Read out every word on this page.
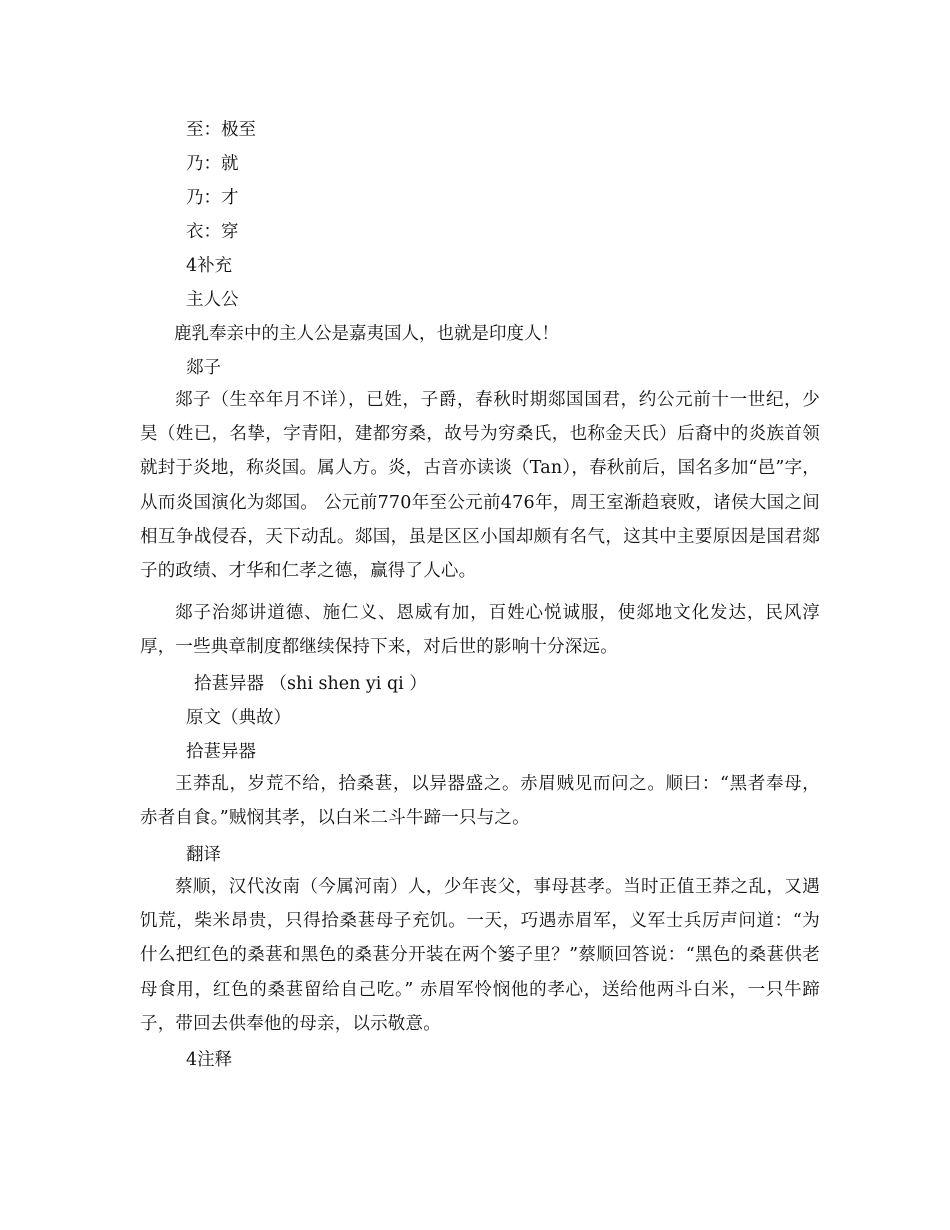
至：极至

乃：就

乃：才

衣：穿

4补充

主人公

鹿乳奉亲中的主人公是嘉夷国人，也就是印度人！

郯子

郯子（生卒年月不详），已姓，子爵，春秋时期郯国国君，约公元前十一世纪，少昊（姓已，名挚，字青阳，建都穷桑，故号为穷桑氏，也称金天氏）后裔中的炎族首领就封于炎地，称炎国。属人方。炎，古音亦读谈（Tan），春秋前后，国名多加“邑”字，从而炎国演化为郯国。 公元前770年至公元前476年，周王室渐趋衰败，诸侯大国之间相互争战侵吞，天下动乱。郯国，虽是区区小国却颇有名气，这其中主要原因是国君郯子的政绩、才华和仁孝之德，赢得了人心。

郯子治郯讲道德、施仁义、恩威有加，百姓心悦诚服，使郯地文化发达，民风淳厚，一些典章制度都继续保持下来，对后世的影响十分深远。

拾葚异器 （shi shen yi qi ）

原文（典故）

拾葚异器

王莽乱，岁荒不给，拾桑葚，以异器盛之。赤眉贼见而问之。顺曰：“黑者奉母，赤者自食。”贼悯其孝，以白米二斗牛蹄一只与之。

翻译

蔡顺，汉代汝南（今属河南）人，少年丧父，事母甚孝。当时正值王莽之乱，又遇饥荒，柴米昂贵，只得拾桑葚母子充饥。一天，巧遇赤眉军，义军士兵厉声问道：“为什么把红色的桑葚和黑色的桑葚分开装在两个篓子里？”蔡顺回答说：“黑色的桑葚供老母食用，红色的桑葚留给自己吃。” 赤眉军怜悯他的孝心，送给他两斗白米，一只牛蹄子，带回去供奉他的母亲，以示敬意。

4注释
